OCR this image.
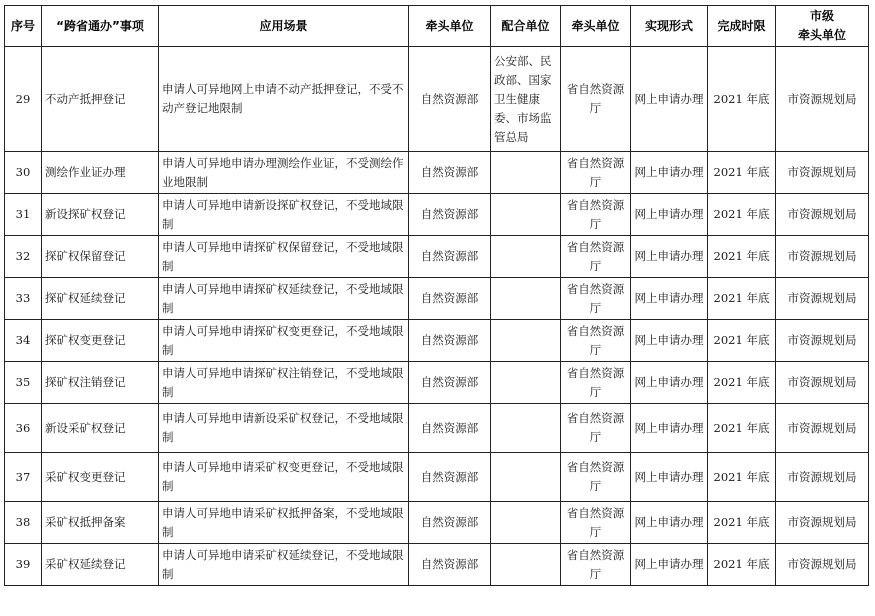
序号	“跨省通办”事项	应用场景	牵头单位	配合单位	牵头单位	实现形式	完成时限	市级
牵头单位
29	不动产抵押登记	申请人可异地网上申请不动产抵押登记，不受不动产登记地限制	自然资源部	公安部、民政部、国家卫生健康委、市场监管总局	省自然资源厅	网上申请办理	2021 年底	市资源规划局
30	测绘作业证办理	申请人可异地申请办理测绘作业证，不受测绘作业地限制	自然资源部		省自然资源厅	网上申请办理	2021 年底	市资源规划局
31	新设探矿权登记	申请人可异地申请新设探矿权登记，不受地域限制	自然资源部		省自然资源厅	网上申请办理	2021 年底	市资源规划局
32	探矿权保留登记	申请人可异地申请探矿权保留登记，不受地域限制	自然资源部		省自然资源厅	网上申请办理	2021 年底	市资源规划局
33	探矿权延续登记	申请人可异地申请探矿权延续登记，不受地域限制	自然资源部		省自然资源厅	网上申请办理	2021 年底	市资源规划局
34	探矿权变更登记	申请人可异地申请探矿权变更登记，不受地域限制	自然资源部		省自然资源厅	网上申请办理	2021 年底	市资源规划局
35	探矿权注销登记	申请人可异地申请探矿权注销登记，不受地域限制	自然资源部		省自然资源厅	网上申请办理	2021 年底	市资源规划局
36	新设采矿权登记	申请人可异地申请新设采矿权登记，不受地域限制	自然资源部		省自然资源厅	网上申请办理	2021 年底	市资源规划局
37	采矿权变更登记	申请人可异地申请采矿权变更登记，不受地域限制	自然资源部		省自然资源厅	网上申请办理	2021 年底	市资源规划局
38	采矿权抵押备案	申请人可异地申请采矿权抵押备案，不受地域限制	自然资源部		省自然资源厅	网上申请办理	2021 年底	市资源规划局
39	采矿权延续登记	申请人可异地申请采矿权延续登记，不受地域限制	自然资源部		省自然资源厅	网上申请办理	2021 年底	市资源规划局
